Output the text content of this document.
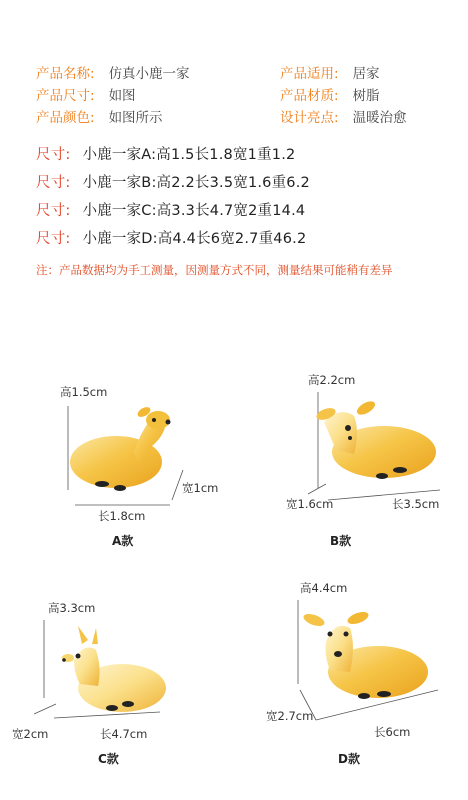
产品名称: 仿真小鹿一家
产品尺寸: 如图
产品颜色: 如图所示
产品适用: 居家
产品材质: 树脂
设计亮点: 温暖治愈
尺寸: 小鹿一家A:高1.5长1.8宽1重1.2
尺寸: 小鹿一家B:高2.2长3.5宽1.6重6.2
尺寸: 小鹿一家C:高3.3长4.7宽2重14.4
尺寸: 小鹿一家D:高4.4长6宽2.7重46.2
注：产品数据均为手工测量，因测量方式不同，测量结果可能稍有差异
高1.5cm
宽1cm
长1.8cm
A款
高2.2cm
宽1.6cm	长3.5cm
B款
高3.3cm
宽2cm	长4.7cm
C款
高4.4cm
宽2.7cm
长6cm
D款
